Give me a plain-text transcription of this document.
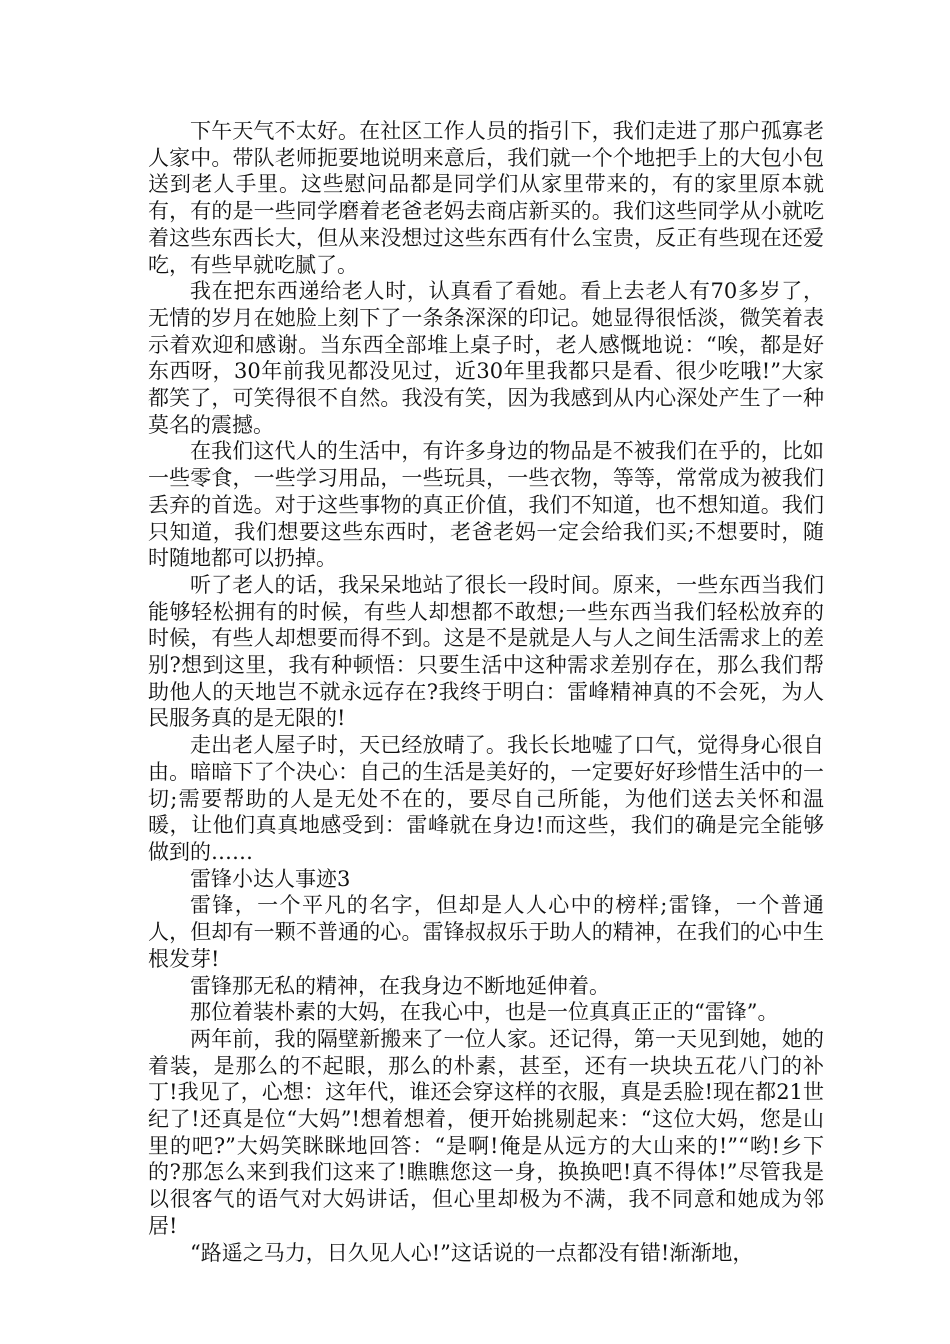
下午天气不太好。在社区工作人员的指引下，我们走进了那户孤寡老人家中。带队老师扼要地说明来意后，我们就一个个地把手上的大包小包送到老人手里。这些慰问品都是同学们从家里带来的，有的家里原本就有，有的是一些同学磨着老爸老妈去商店新买的。我们这些同学从小就吃着这些东西长大，但从来没想过这些东西有什么宝贵，反正有些现在还爱吃，有些早就吃腻了。

我在把东西递给老人时，认真看了看她。看上去老人有70多岁了，无情的岁月在她脸上刻下了一条条深深的印记。她显得很恬淡，微笑着表示着欢迎和感谢。当东西全部堆上桌子时，老人感慨地说：“唉，都是好东西呀，30年前我见都没见过，近30年里我都只是看、很少吃哦!”大家都笑了，可笑得很不自然。我没有笑，因为我感到从内心深处产生了一种莫名的震撼。

在我们这代人的生活中，有许多身边的物品是不被我们在乎的，比如一些零食，一些学习用品，一些玩具，一些衣物，等等，常常成为被我们丢弃的首选。对于这些事物的真正价值，我们不知道，也不想知道。我们只知道，我们想要这些东西时，老爸老妈一定会给我们买;不想要时，随时随地都可以扔掉。

听了老人的话，我呆呆地站了很长一段时间。原来，一些东西当我们能够轻松拥有的时候，有些人却想都不敢想;一些东西当我们轻松放弃的时候，有些人却想要而得不到。这是不是就是人与人之间生活需求上的差别?想到这里，我有种顿悟：只要生活中这种需求差别存在，那么我们帮助他人的天地岂不就永远存在?我终于明白：雷峰精神真的不会死，为人民服务真的是无限的!

走出老人屋子时，天已经放晴了。我长长地嘘了口气，觉得身心很自由。暗暗下了个决心：自己的生活是美好的，一定要好好珍惜生活中的一切;需要帮助的人是无处不在的，要尽自己所能，为他们送去关怀和温暖，让他们真真地感受到：雷峰就在身边!而这些，我们的确是完全能够做到的……

雷锋小达人事迹3

雷锋，一个平凡的名字，但却是人人心中的榜样;雷锋，一个普通人，但却有一颗不普通的心。雷锋叔叔乐于助人的精神，在我们的心中生根发芽!

雷锋那无私的精神，在我身边不断地延伸着。

那位着装朴素的大妈，在我心中，也是一位真真正正的“雷锋”。

两年前，我的隔壁新搬来了一位人家。还记得，第一天见到她，她的着装，是那么的不起眼，那么的朴素，甚至，还有一块块五花八门的补丁!我见了，心想：这年代，谁还会穿这样的衣服，真是丢脸!现在都21世纪了!还真是位“大妈”!想着想着，便开始挑剔起来：“这位大妈，您是山里的吧?”大妈笑眯眯地回答：“是啊!俺是从远方的大山来的!”“哟!乡下的?那怎么来到我们这来了!瞧瞧您这一身，换换吧!真不得体!”尽管我是以很客气的语气对大妈讲话，但心里却极为不满，我不同意和她成为邻居!

“路遥之马力，日久见人心!”这话说的一点都没有错!渐渐地，
